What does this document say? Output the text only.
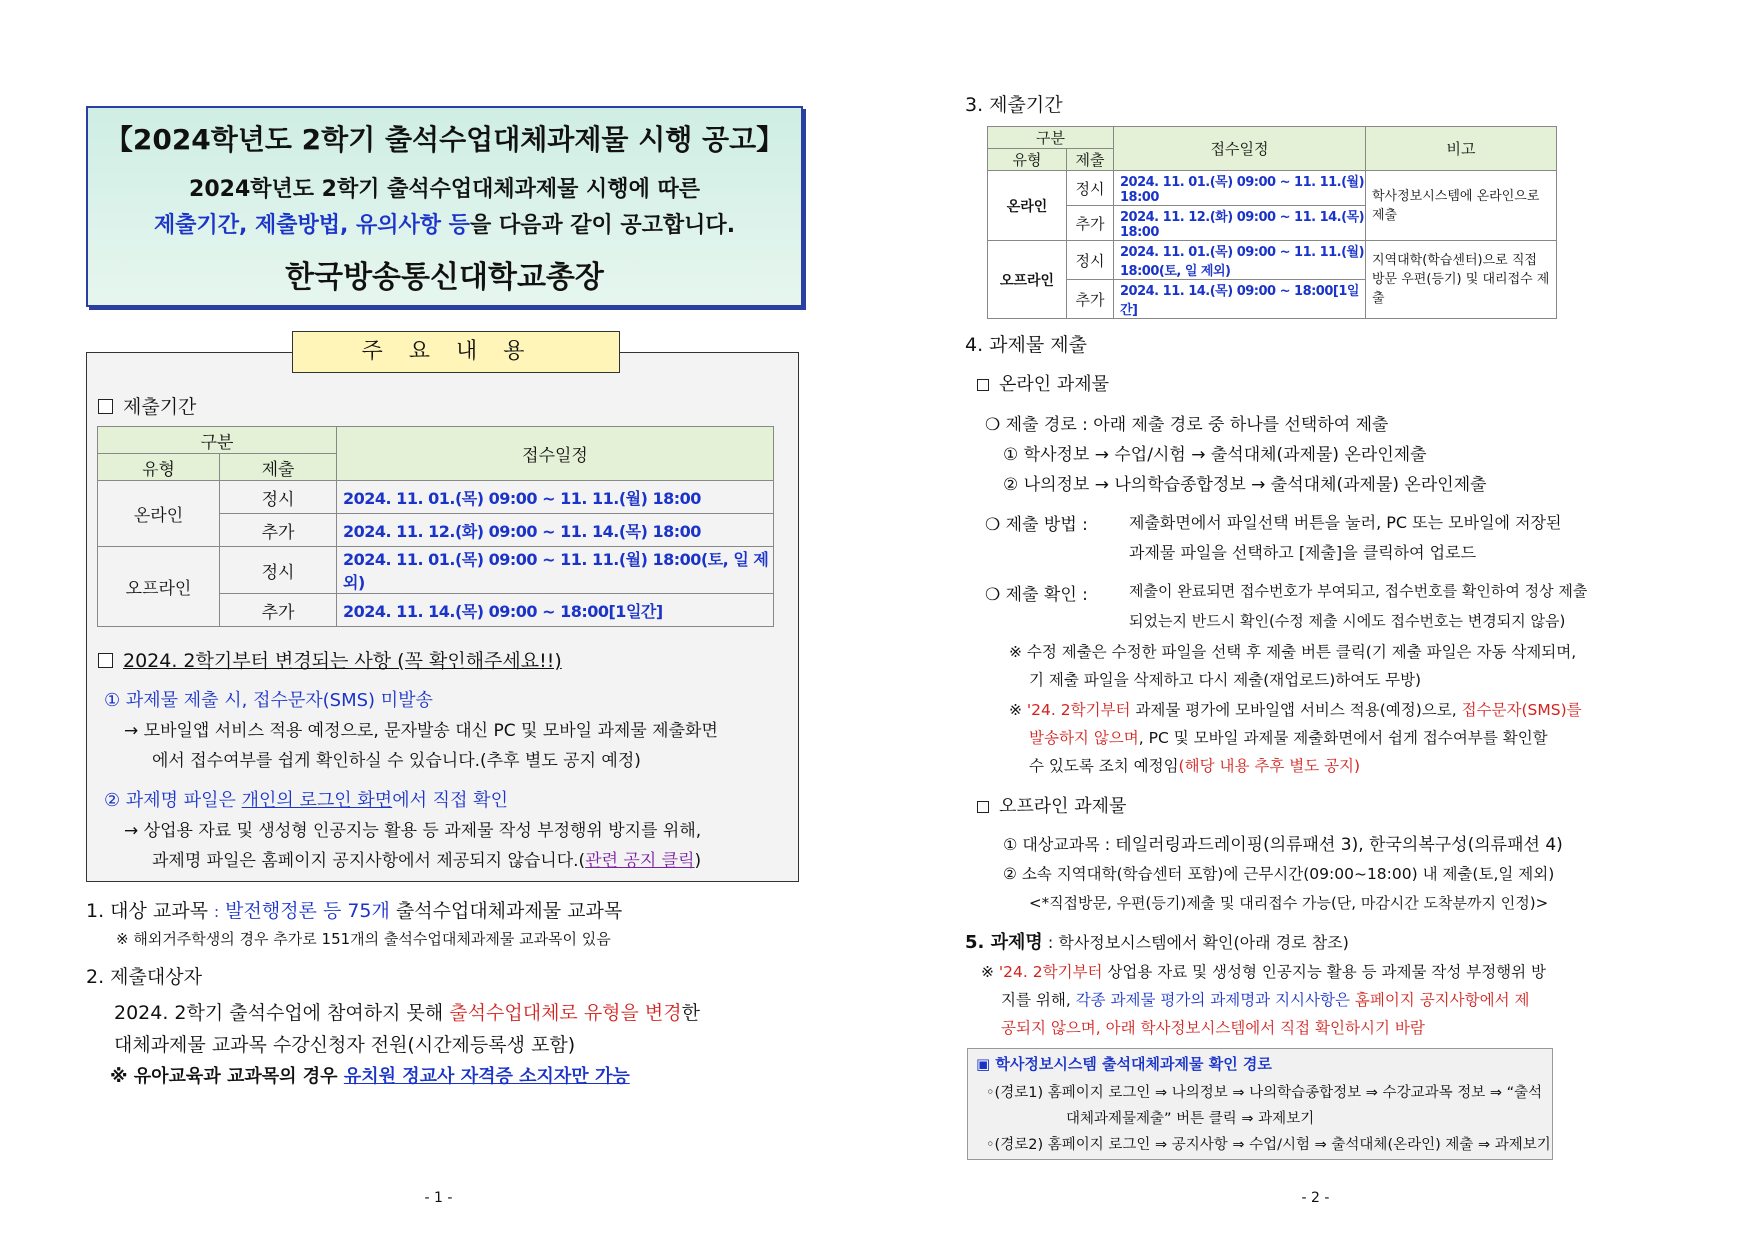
【2024학년도 2학기 출석수업대체과제물 시행 공고】
2024학년도 2학기 출석수업대체과제물 시행에 따른
제출기간, 제출방법, 유의사항 등을 다음과 같이 공고합니다.
한국방송통신대학교총장
주요내용
제출기간
구분		접수일정
유형	제출	
온라인	정시	2024. 11. 01.(목) 09:00 ~ 11. 11.(월) 18:00
	추가	2024. 11. 12.(화) 09:00 ~ 11. 14.(목) 18:00
오프라인	정시	2024. 11. 01.(목) 09:00 ~ 11. 11.(월) 18:00(토, 일 제외)
	추가	2024. 11. 14.(목) 09:00 ~ 18:00[1일간]
2024. 2학기부터 변경되는 사항 (꼭 확인해주세요!!)
① 과제물 제출 시, 접수문자(SMS) 미발송
→ 모바일앱 서비스 적용 예정으로, 문자발송 대신 PC 및 모바일 과제물 제출화면
에서 접수여부를 쉽게 확인하실 수 있습니다.(추후 별도 공지 예정)
② 과제명 파일은 개인의 로그인 화면에서 직접 확인
→ 상업용 자료 및 생성형 인공지능 활용 등 과제물 작성 부정행위 방지를 위해,
과제명 파일은 홈페이지 공지사항에서 제공되지 않습니다.(관련 공지 클릭)
1. 대상 교과목 : 발전행정론 등 75개 출석수업대체과제물 교과목
※ 해외거주학생의 경우 추가로 151개의 출석수업대체과제물 교과목이 있음
2. 제출대상자
2024. 2학기 출석수업에 참여하지 못해 출석수업대체로 유형을 변경한
대체과제물 교과목 수강신청자 전원(시간제등록생 포함)
※ 유아교육과 교과목의 경우 유치원 정교사 자격증 소지자만 가능
- 1 -
3. 제출기간
구분		접수일정	비고
유형	제출		
온라인	정시	2024. 11. 01.(목) 09:00 ~ 11. 11.(월) 18:00	학사정보시스템에 온라인으로 제출
	추가	2024. 11. 12.(화) 09:00 ~ 11. 14.(목) 18:00	
오프라인	정시	2024. 11. 01.(목) 09:00 ~ 11. 11.(월) 18:00(토, 일 제외)	지역대학(학습센터)으로 직접 방문 우편(등기) 및 대리접수 제출
	추가	2024. 11. 14.(목) 09:00 ~ 18:00[1일간]	
4. 과제물 제출
온라인 과제물
❍ 제출 경로 : 아래 제출 경로 중 하나를 선택하여 제출
① 학사정보 → 수업/시험 → 출석대체(과제물) 온라인제출
② 나의정보 → 나의학습종합정보 → 출석대체(과제물) 온라인제출
❍ 제출 방법 :	제출화면에서 파일선택 버튼을 눌러, PC 또는 모바일에 저장된
과제물 파일을 선택하고 [제출]을 클릭하여 업로드
❍ 제출 확인 :	제출이 완료되면 접수번호가 부여되고, 접수번호를 확인하여 정상 제출
되었는지 반드시 확인(수정 제출 시에도 접수번호는 변경되지 않음)
※ 수정 제출은 수정한 파일을 선택 후 제출 버튼 클릭(기 제출 파일은 자동 삭제되며,
기 제출 파일을 삭제하고 다시 제출(재업로드)하여도 무방)
※ '24. 2학기부터 과제물 평가에 모바일앱 서비스 적용(예정)으로, 접수문자(SMS)를
발송하지 않으며, PC 및 모바일 과제물 제출화면에서 쉽게 접수여부를 확인할
수 있도록 조치 예정임(해당 내용 추후 별도 공지)
오프라인 과제물
① 대상교과목 : 테일러링과드레이핑(의류패션 3), 한국의복구성(의류패션 4)
② 소속 지역대학(학습센터 포함)에 근무시간(09:00~18:00) 내 제출(토,일 제외)
<*직접방문, 우편(등기)제출 및 대리접수 가능(단, 마감시간 도착분까지 인정)>
5. 과제명 : 학사정보시스템에서 확인(아래 경로 참조)
※ '24. 2학기부터 상업용 자료 및 생성형 인공지능 활용 등 과제물 작성 부정행위 방
지를 위해, 각종 과제물 평가의 과제명과 지시사항은 홈페이지 공지사항에서 제
공되지 않으며, 아래 학사정보시스템에서 직접 확인하시기 바람
▣ 학사정보시스템 출석대체과제물 확인 경로
◦(경로1) 홈페이지 로그인 ⇒ 나의정보 ⇒ 나의학습종합정보 ⇒ 수강교과목 정보 ⇒ “출석
대체과제물제출” 버튼 클릭 ⇒ 과제보기
◦(경로2) 홈페이지 로그인 ⇒ 공지사항 ⇒ 수업/시험 ⇒ 출석대체(온라인) 제출 ⇒ 과제보기
- 2 -
